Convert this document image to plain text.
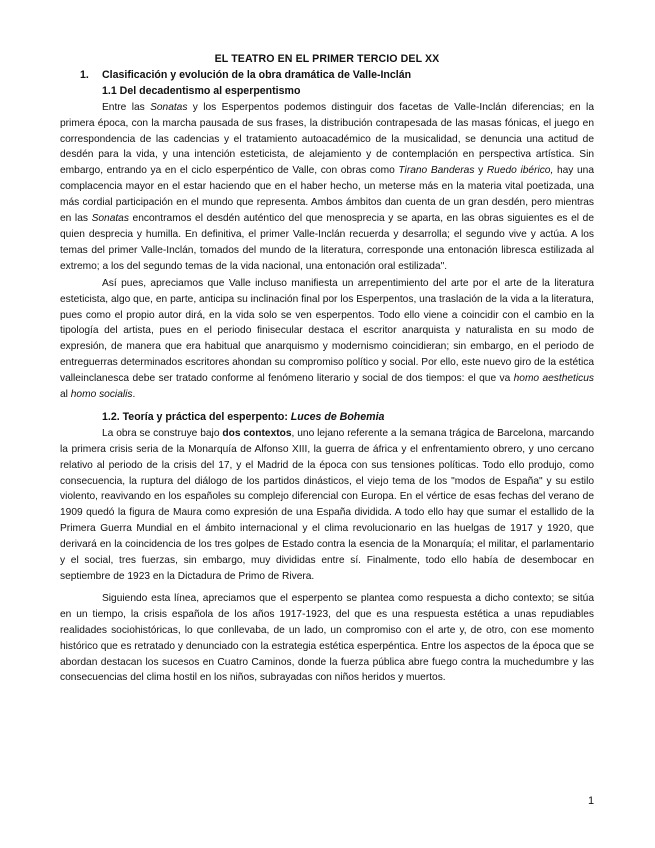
EL TEATRO EN EL PRIMER TERCIO DEL XX
1.	Clasificación y evolución de la obra dramática de Valle-Inclán
1.1 Del decadentismo al esperpentismo

Entre las Sonatas y los Esperpentos podemos distinguir dos facetas de Valle-Inclán diferencias; en la primera época, con la marcha pausada de sus frases, la distribución contrapesada de las masas fónicas, el juego en correspondencia de las cadencias y el tratamiento autoacadémico de la musicalidad, se denuncia una actitud de desdén para la vida, y una intención esteticista, de alejamiento y de contemplación en perspectiva artística. Sin embargo, entrando ya en el ciclo esperpéntico de Valle, con obras como Tirano Banderas y Ruedo ibérico, hay una complacencia mayor en el estar haciendo que en el haber hecho, un meterse más en la materia vital poetizada, una más cordial participación en el mundo que representa. Ambos ámbitos dan cuenta de un gran desdén, pero mientras en las Sonatas encontramos el desdén auténtico del que menosprecia y se aparta, en las obras siguientes es el de quien desprecia y humilla. En definitiva, el primer Valle-Inclán recuerda y desarrolla; el segundo vive y actúa. A los temas del primer Valle-Inclán, tomados del mundo de la literatura, corresponde una entonación libresca estilizada al extremo; a los del segundo temas de la vida nacional, una entonación oral estilizada".

Así pues, apreciamos que Valle incluso manifiesta un arrepentimiento del arte por el arte de la literatura esteticista, algo que, en parte, anticipa su inclinación final por los Esperpentos, una traslación de la vida a la literatura, pues como el propio autor dirá, en la vida solo se ven esperpentos. Todo ello viene a coincidir con el cambio en la tipología del artista, pues en el periodo finisecular destaca el escritor anarquista y naturalista en su modo de expresión, de manera que era habitual que anarquismo y modernismo coincidieran; sin embargo, en el periodo de entreguerras determinados escritores ahondan su compromiso político y social. Por ello, este nuevo giro de la estética valleinclanesca debe ser tratado conforme al fenómeno literario y social de dos tiempos: el que va homo aestheticus al homo socialis.

1.2. Teoría y práctica del esperpento: Luces de Bohemia

La obra se construye bajo dos contextos, uno lejano referente a la semana trágica de Barcelona, marcando la primera crisis seria de la Monarquía de Alfonso XIII, la guerra de áfrica y el enfrentamiento obrero, y uno cercano relativo al periodo de la crisis del 17, y el Madrid de la época con sus tensiones políticas. Todo ello produjo, como consecuencia, la ruptura del diálogo de los partidos dinásticos, el viejo tema de los "modos de España" y su estilo violento, reavivando en los españoles su complejo diferencial con Europa. En el vértice de esas fechas del verano de 1909 quedó la figura de Maura como expresión de una España dividida. A todo ello hay que sumar el estallido de la Primera Guerra Mundial en el ámbito internacional y el clima revolucionario en las huelgas de 1917 y 1920, que derivará en la coincidencia de los tres golpes de Estado contra la esencia de la Monarquía; el militar, el parlamentario y el social, tres fuerzas, sin embargo, muy divididas entre sí. Finalmente, todo ello había de desembocar en septiembre de 1923 en la Dictadura de Primo de Rivera.

Siguiendo esta línea, apreciamos que el esperpento se plantea como respuesta a dicho contexto; se sitúa en un tiempo, la crisis española de los años 1917-1923, del que es una respuesta estética a unas repudiables realidades sociohistóricas, lo que conllevaba, de un lado, un compromiso con el arte y, de otro, con ese momento histórico que es retratado y denunciado con la estrategia estética esperpéntica. Entre los aspectos de la época que se abordan destacan los sucesos en Cuatro Caminos, donde la fuerza pública abre fuego contra la muchedumbre y las consecuencias del clima hostil en los niños, subrayadas con niños heridos y muertos.

1
